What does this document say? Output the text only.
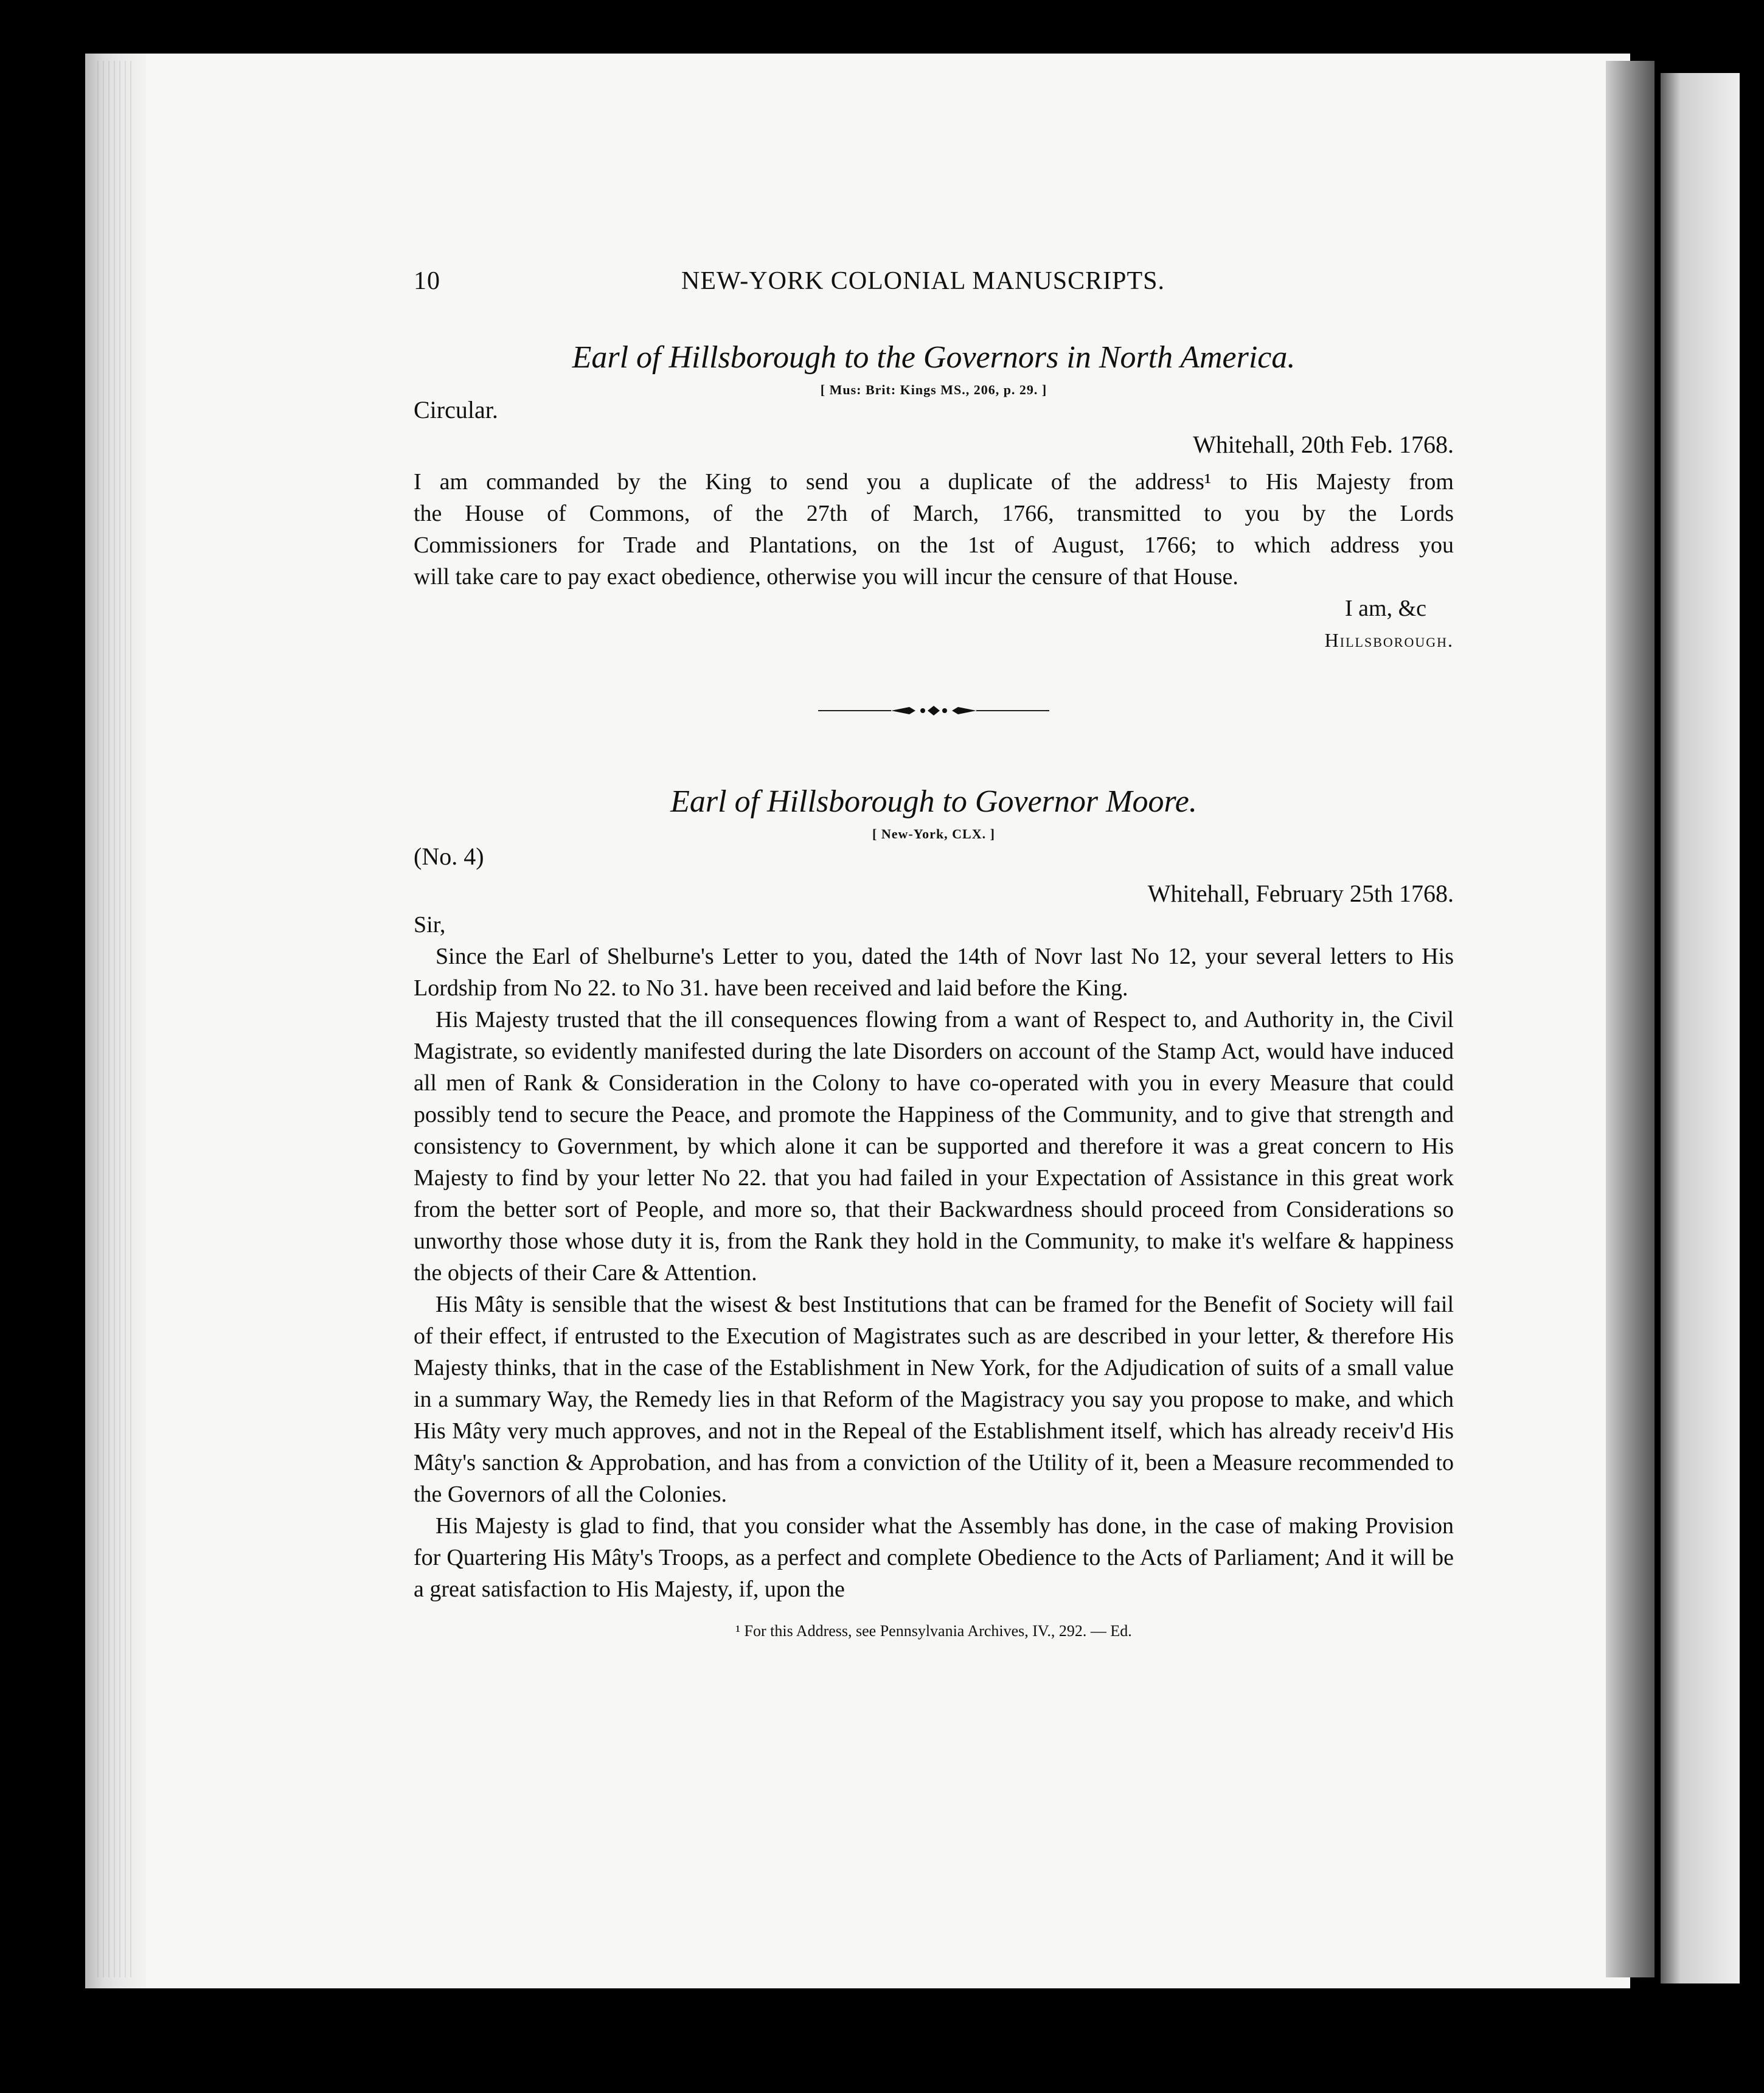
10	NEW-YORK COLONIAL MANUSCRIPTS.
Earl of Hillsborough to the Governors in North America.
[ Mus: Brit: Kings MS., 206, p. 29. ]
Circular.
Whitehall, 20th Feb. 1768.
I am commanded by the King to send you a duplicate of the address¹ to His Majesty from
the House of Commons, of the 27th of March, 1766, transmitted to you by the Lords
Commissioners for Trade and Plantations, on the 1st of August, 1766; to which address you
will take care to pay exact obedience, otherwise you will incur the censure of that House.
I am, &c
Hillsborough.
Earl of Hillsborough to Governor Moore.
[ New-York, CLX. ]
(No. 4)
Whitehall, February 25th 1768.
Sir,

Since the Earl of Shelburne's Letter to you, dated the 14th of Novr last No 12, your several letters to His Lordship from No 22. to No 31. have been received and laid before the King.

His Majesty trusted that the ill consequences flowing from a want of Respect to, and Authority in, the Civil Magistrate, so evidently manifested during the late Disorders on account of the Stamp Act, would have induced all men of Rank & Consideration in the Colony to have co-operated with you in every Measure that could possibly tend to secure the Peace, and promote the Happiness of the Community, and to give that strength and consistency to Government, by which alone it can be supported and therefore it was a great concern to His Majesty to find by your letter No 22. that you had failed in your Expectation of Assistance in this great work from the better sort of People, and more so, that their Backwardness should proceed from Considerations so unworthy those whose duty it is, from the Rank they hold in the Community, to make it's welfare & happiness the objects of their Care & Attention.

His Mâty is sensible that the wisest & best Institutions that can be framed for the Benefit of Society will fail of their effect, if entrusted to the Execution of Magistrates such as are described in your letter, & therefore His Majesty thinks, that in the case of the Establishment in New York, for the Adjudication of suits of a small value in a summary Way, the Remedy lies in that Reform of the Magistracy you say you propose to make, and which His Mâty very much approves, and not in the Repeal of the Establishment itself, which has already receiv'd His Mâty's sanction & Approbation, and has from a conviction of the Utility of it, been a Measure recommended to the Governors of all the Colonies.

His Majesty is glad to find, that you consider what the Assembly has done, in the case of making Provision for Quartering His Mâty's Troops, as a perfect and complete Obedience to the Acts of Parliament; And it will be a great satisfaction to His Majesty, if, upon the

¹ For this Address, see Pennsylvania Archives, IV., 292. — Ed.
